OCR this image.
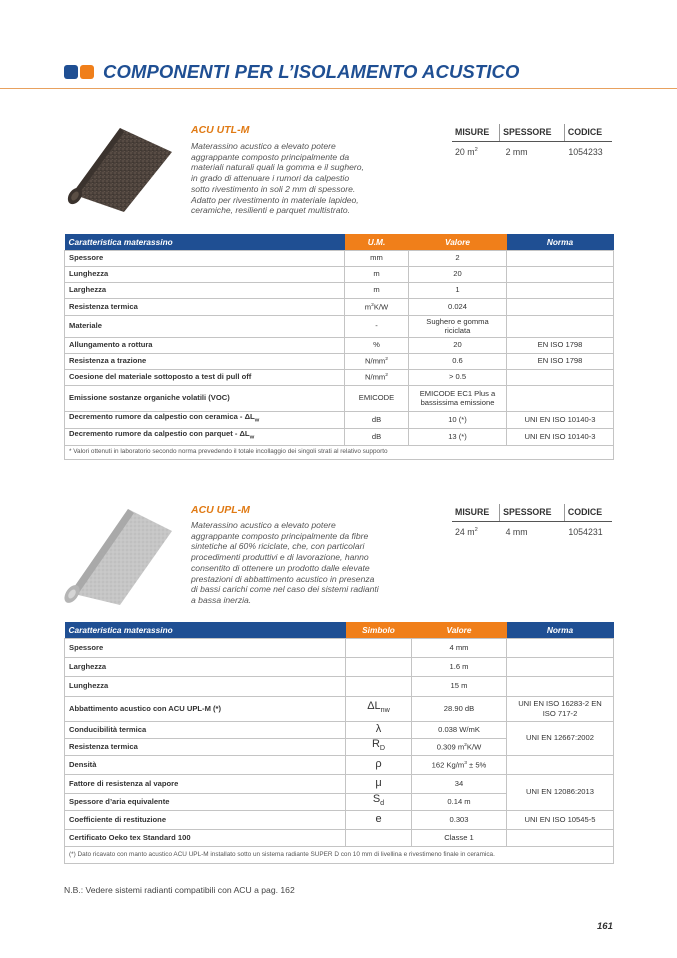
COMPONENTI PER L’ISOLAMENTO ACUSTICO
ACU UTL-M
Materassino acustico a elevato potere
aggrappante composto principalmente da
materiali naturali quali la gomma e il sughero,
in grado di attenuare i rumori da calpestio
sotto rivestimento in soli 2 mm di spessore.
Adatto per rivestimento in materiale lapideo,
ceramiche, resilienti e parquet multistrato.
MISURE	SPESSORE	CODICE
20 $m^2$	2 mm	1054233
Caratteristica materassino	U.M.	Valore	Norma
Spessore	mm	2	
Lunghezza	m	20	
Larghezza	m	1	
Resistenza termica	$m^2K/W$	0.024	
Materiale	-	Sughero e gomma riciclata	
Allungamento a rottura	%	20	EN ISO 1798
Resistenza a trazione	$N/mm^2$	0.6	EN ISO 1798
Coesione del materiale sottoposto a test di pull off	$N/mm^2$	> 0.5	
Emissione sostanze organiche volatili (VOC)	EMICODE	EMICODE EC1 Plus a bassissima emissione	
Decremento rumore da calpestio con ceramica - $\Delta L_W$	dB	10 (*)	UNI EN ISO 10140-3
Decremento rumore da calpestio con parquet - $\Delta L_W$	dB	13 (*)	UNI EN ISO 10140-3
* Valori ottenuti in laboratorio secondo norma prevedendo il totale incollaggio dei singoli strati al relativo supporto			
ACU UPL-M
Materassino acustico a elevato potere
aggrappante composto principalmente da fibre
sintetiche al 60% riciclate, che, con particolari
procedimenti produttivi e di lavorazione, hanno
consentito di ottenere un prodotto dalle elevate
prestazioni di abbattimento acustico in presenza
di bassi carichi come nel caso dei sistemi radianti
a bassa inerzia.
MISURE	SPESSORE	CODICE
24 $m^2$	4 mm	1054231
Caratteristica materassino	Simbolo	Valore	Norma
Spessore		4 mm	
Larghezza		1.6 m	
Lunghezza		15 m	
Abbattimento acustico con ACU UPL-M (*)	$\Delta L_{nw}$	28.90 dB	UNI EN ISO 16283-2 EN ISO 717-2
Conducibilità termica	λ	0.038 W/mK	UNI EN 12667:2002
Resistenza termica	$R_D$	0.309 $m^2K/W$	
Densità	ρ	162 $Kg/m^3 \pm 5\%$	
Fattore di resistenza al vapore	μ	34	UNI EN 12086:2013
Spessore d’aria equivalente	$S_d$	0.14 m	
Coefficiente di restituzione	e	0.303	UNI EN ISO 10545-5
Certificato Oeko tex Standard 100		Classe 1	
(*) Dato ricavato con manto acustico ACU UPL-M installato sotto un sistema radiante SUPER D con 10 mm di livellina e rivestimeno finale in ceramica.			
N.B.: Vedere sistemi radianti compatibili con ACU a pag. 162
161
